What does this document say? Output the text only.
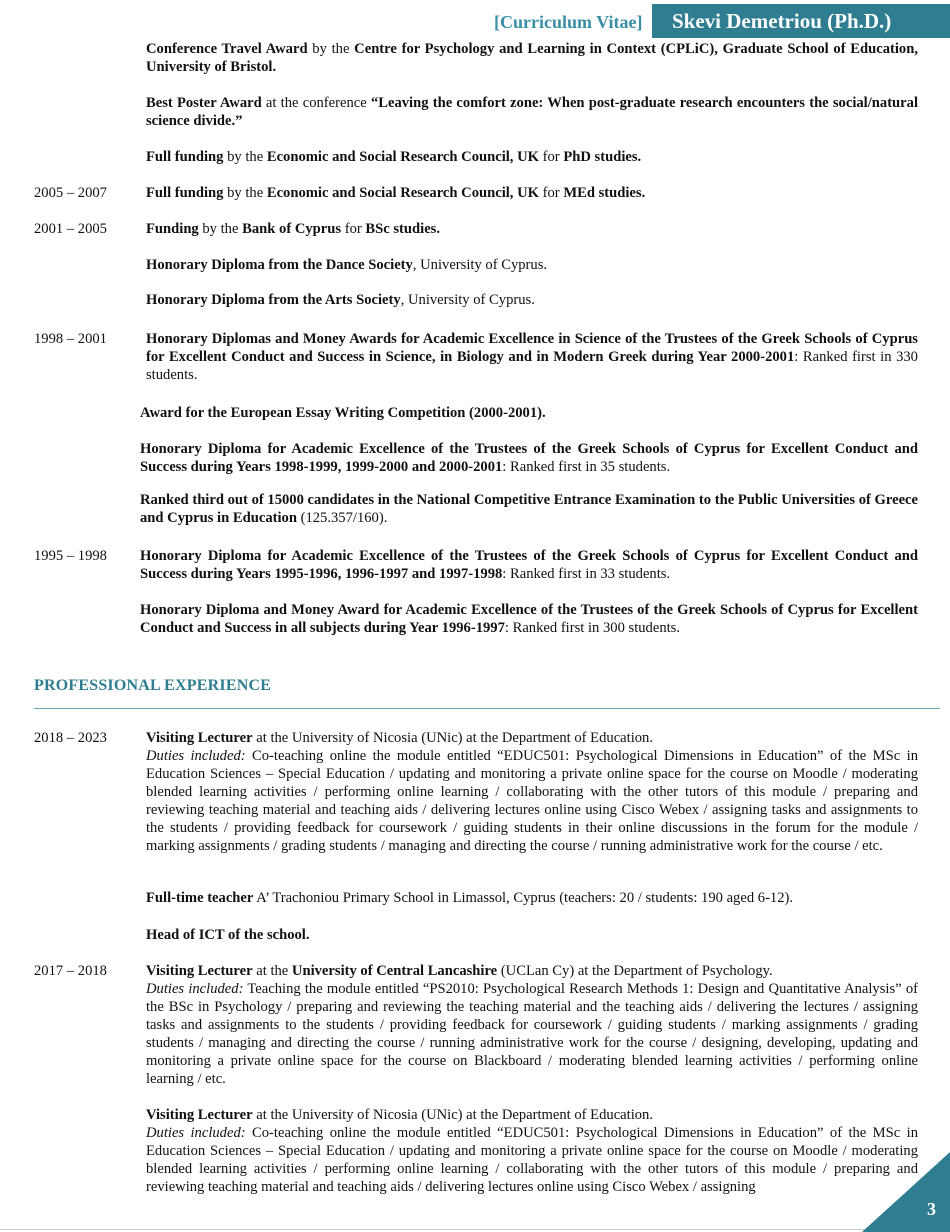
[Curriculum Vitae]	Skevi Demetriou (Ph.D.)
Conference Travel Award by the Centre for Psychology and Learning in Context (CPLiC), Graduate School of Education, University of Bristol.
Best Poster Award at the conference “Leaving the comfort zone: When post-graduate research encounters the social/natural science divide.”
Full funding by the Economic and Social Research Council, UK for PhD studies.
2005 – 2007	Full funding by the Economic and Social Research Council, UK for MEd studies.
2001 – 2005	Funding by the Bank of Cyprus for BSc studies.
Honorary Diploma from the Dance Society, University of Cyprus.
Honorary Diploma from the Arts Society, University of Cyprus.
1998 – 2001	Honorary Diplomas and Money Awards for Academic Excellence in Science of the Trustees of the Greek Schools of Cyprus for Excellent Conduct and Success in Science, in Biology and in Modern Greek during Year 2000-2001: Ranked first in 330 students.
Award for the European Essay Writing Competition (2000-2001).
Honorary Diploma for Academic Excellence of the Trustees of the Greek Schools of Cyprus for Excellent Conduct and Success during Years 1998-1999, 1999-2000 and 2000-2001: Ranked first in 35 students.
Ranked third out of 15000 candidates in the National Competitive Entrance Examination to the Public Universities of Greece and Cyprus in Education (125.357/160).
1995 – 1998 Honorary Diploma for Academic Excellence of the Trustees of the Greek Schools of Cyprus for Excellent Conduct and Success during Years 1995-1996, 1996-1997 and 1997-1998: Ranked first in 33 students.
Honorary Diploma and Money Award for Academic Excellence of the Trustees of the Greek Schools of Cyprus for Excellent Conduct and Success in all subjects during Year 1996-1997: Ranked first in 300 students.
PROFESSIONAL EXPERIENCE
2018 – 2023	Visiting Lecturer at the University of Nicosia (UNic) at the Department of Education.
Duties included: Co-teaching online the module entitled “EDUC501: Psychological Dimensions in Education” of the MSc in Education Sciences – Special Education / updating and monitoring a private online space for the course on Moodle / moderating blended learning activities / performing online learning / collaborating with the other tutors of this module / preparing and reviewing teaching material and teaching aids / delivering lectures online using Cisco Webex / assigning tasks and assignments to the students / providing feedback for coursework / guiding students in their online discussions in the forum for the module / marking assignments / grading students / managing and directing the course / running administrative work for the course / etc.
Full-time teacher A’ Trachoniou Primary School in Limassol, Cyprus (teachers: 20 / students: 190 aged 6-12).
Head of ICT of the school.
2017 – 2018	Visiting Lecturer at the University of Central Lancashire (UCLan Cy) at the Department of Psychology.
Duties included: Teaching the module entitled “PS2010: Psychological Research Methods 1: Design and Quantitative Analysis” of the BSc in Psychology / preparing and reviewing the teaching material and the teaching aids / delivering the lectures / assigning tasks and assignments to the students / providing feedback for coursework / guiding students / marking assignments / grading students / managing and directing the course / running administrative work for the course / designing, developing, updating and monitoring a private online space for the course on Blackboard / moderating blended learning activities / performing online learning / etc.
Visiting Lecturer at the University of Nicosia (UNic) at the Department of Education.
Duties included: Co-teaching online the module entitled “EDUC501: Psychological Dimensions in Education” of the MSc in Education Sciences – Special Education / updating and monitoring a private online space for the course on Moodle / moderating blended learning activities / performing online learning / collaborating with the other tutors of this module / preparing and reviewing teaching material and teaching aids / delivering lectures online using Cisco Webex / assigning
3
